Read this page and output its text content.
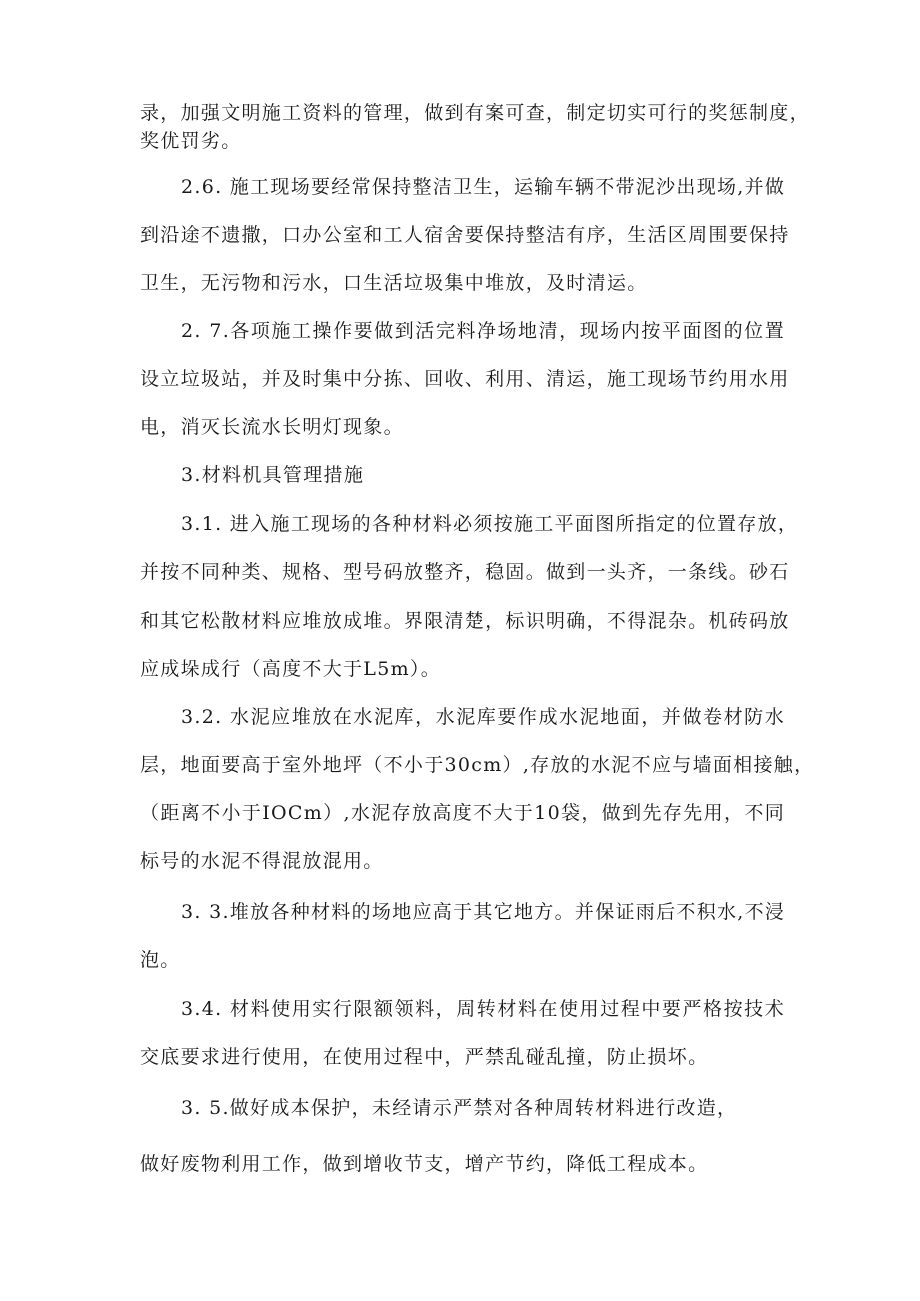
录，加强文明施工资料的管理，做到有案可查，制定切实可行的奖惩制度，
奖优罚劣。
2.6. 施工现场要经常保持整洁卫生，运输车辆不带泥沙出现场,并做
到沿途不遗撒，口办公室和工人宿舍要保持整洁有序，生活区周围要保持
卫生，无污物和污水，口生活垃圾集中堆放，及时清运。
2. 7.各项施工操作要做到活完料净场地清，现场内按平面图的位置
设立垃圾站，并及时集中分拣、回收、利用、清运，施工现场节约用水用
电，消灭长流水长明灯现象。
3.材料机具管理措施
3.1. 进入施工现场的各种材料必须按施工平面图所指定的位置存放，
并按不同种类、规格、型号码放整齐，稳固。做到一头齐，一条线。砂石
和其它松散材料应堆放成堆。界限清楚，标识明确，不得混杂。机砖码放
应成垛成行（高度不大于L5m）。
3.2. 水泥应堆放在水泥库，水泥库要作成水泥地面，并做卷材防水
层，地面要高于室外地坪（不小于30cm）,存放的水泥不应与墙面相接触，
（距离不小于IOCm）,水泥存放高度不大于10袋，做到先存先用，不同
标号的水泥不得混放混用。
3. 3.堆放各种材料的场地应高于其它地方。并保证雨后不积水,不浸
泡。
3.4. 材料使用实行限额领料，周转材料在使用过程中要严格按技术
交底要求进行使用，在使用过程中，严禁乱碰乱撞，防止损坏。
3. 5.做好成本保护，未经请示严禁对各种周转材料进行改造，
做好废物利用工作，做到增收节支，增产节约，降低工程成本。
